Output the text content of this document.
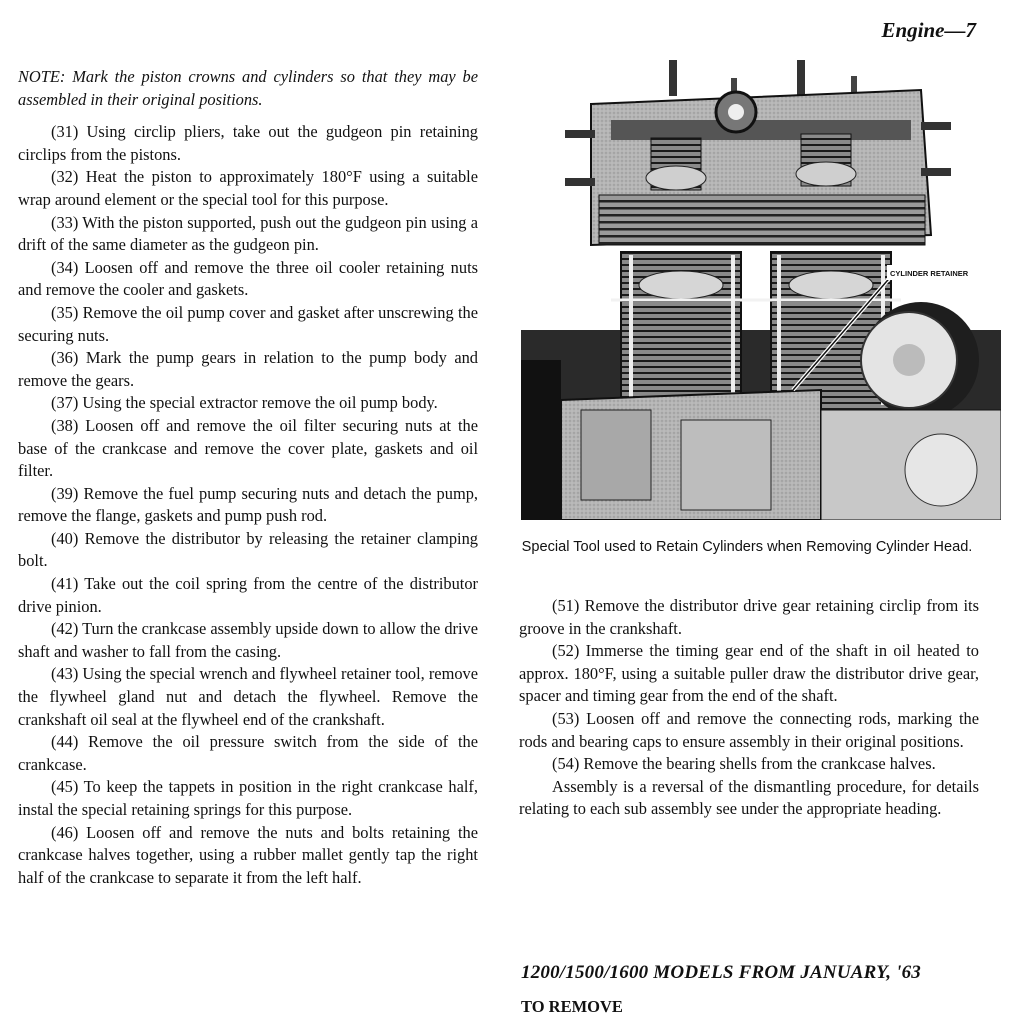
Engine—7

NOTE: Mark the piston crowns and cylinders so that they may be assembled in their original positions.

(31) Using circlip pliers, take out the gudgeon pin retaining circlips from the pistons.

(32) Heat the piston to approximately 180°F using a suitable wrap around element or the special tool for this purpose.

(33) With the piston supported, push out the gudgeon pin using a drift of the same diameter as the gudgeon pin.

(34) Loosen off and remove the three oil cooler retaining nuts and remove the cooler and gaskets.

(35) Remove the oil pump cover and gasket after unscrewing the securing nuts.

(36) Mark the pump gears in relation to the pump body and remove the gears.

(37) Using the special extractor remove the oil pump body.

(38) Loosen off and remove the oil filter securing nuts at the base of the crankcase and remove the cover plate, gaskets and oil filter.

(39) Remove the fuel pump securing nuts and detach the pump, remove the flange, gaskets and pump push rod.

(40) Remove the distributor by releasing the retainer clamping bolt.

(41) Take out the coil spring from the centre of the distributor drive pinion.

(42) Turn the crankcase assembly upside down to allow the drive shaft and washer to fall from the casing.

(43) Using the special wrench and flywheel retainer tool, remove the flywheel gland nut and detach the flywheel. Remove the crankshaft oil seal at the flywheel end of the crankshaft.

(44) Remove the oil pressure switch from the side of the crankcase.

(45) To keep the tappets in position in the right crankcase half, instal the special retaining springs for this purpose.

(46) Loosen off and remove the nuts and bolts retaining the crankcase halves together, using a rubber mallet gently tap the right half of the crankcase to separate it from the left half.

CYLINDER RETAINER
Special Tool used to Retain Cylinders when Removing Cylinder Head.

(51) Remove the distributor drive gear retaining circlip from its groove in the crankshaft.

(52) Immerse the timing gear end of the shaft in oil heated to approx. 180°F, using a suitable puller draw the distributor drive gear, spacer and timing gear from the end of the shaft.

(53) Loosen off and remove the connecting rods, marking the rods and bearing caps to ensure assembly in their original positions.

(54) Remove the bearing shells from the crankcase halves.

Assembly is a reversal of the dismantling procedure, for details relating to each sub assembly see under the appropriate heading.

1200/1500/1600 MODELS FROM JANUARY, '63
TO REMOVE
